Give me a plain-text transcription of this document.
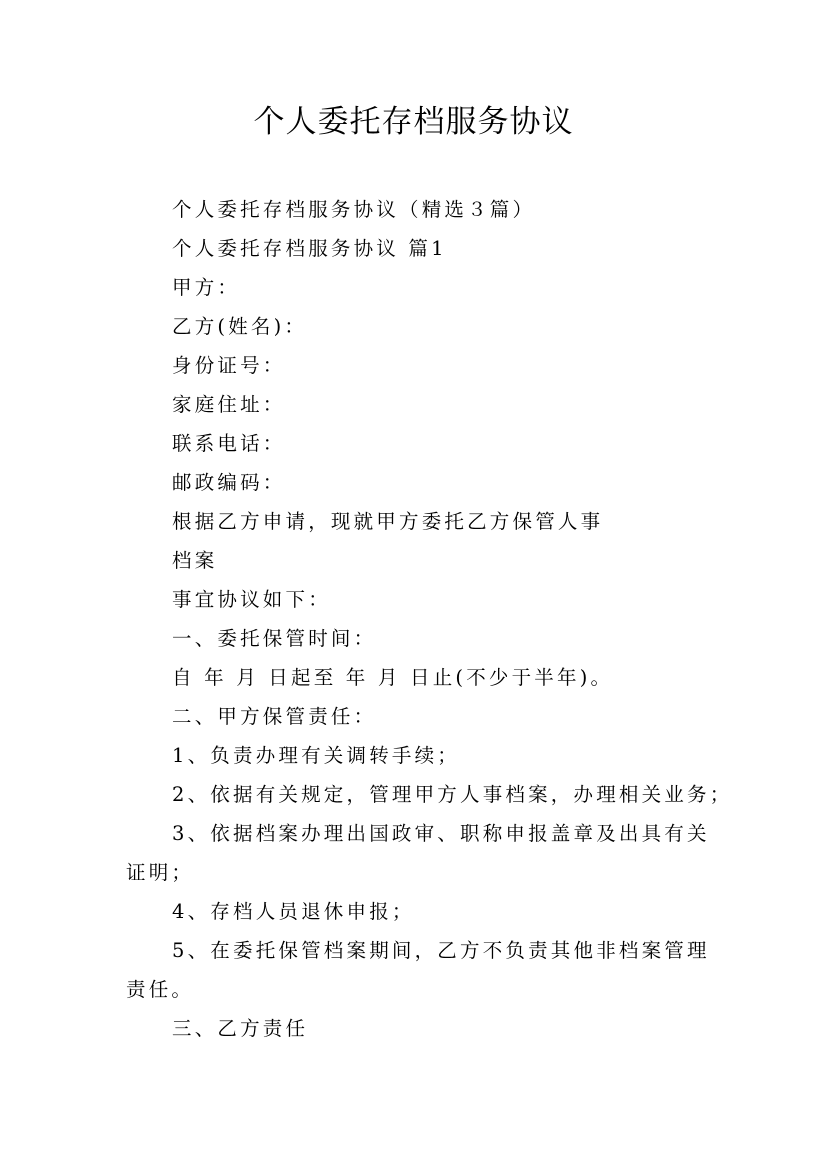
个人委托存档服务协议
个人委托存档服务协议（精选３篇）
个人委托存档服务协议 篇1
甲方：
乙方(姓名)：
身份证号：
家庭住址：
联系电话：
邮政编码：
根据乙方申请，现就甲方委托乙方保管人事
档案
事宜协议如下：
一、委托保管时间：
自 年 月 日起至 年 月 日止(不少于半年)。
二、甲方保管责任：
1、负责办理有关调转手续；
2、依据有关规定，管理甲方人事档案，办理相关业务；
3、依据档案办理出国政审、职称申报盖章及出具有关
证明；
4、存档人员退休申报；
5、在委托保管档案期间，乙方不负责其他非档案管理
责任。
三、乙方责任
